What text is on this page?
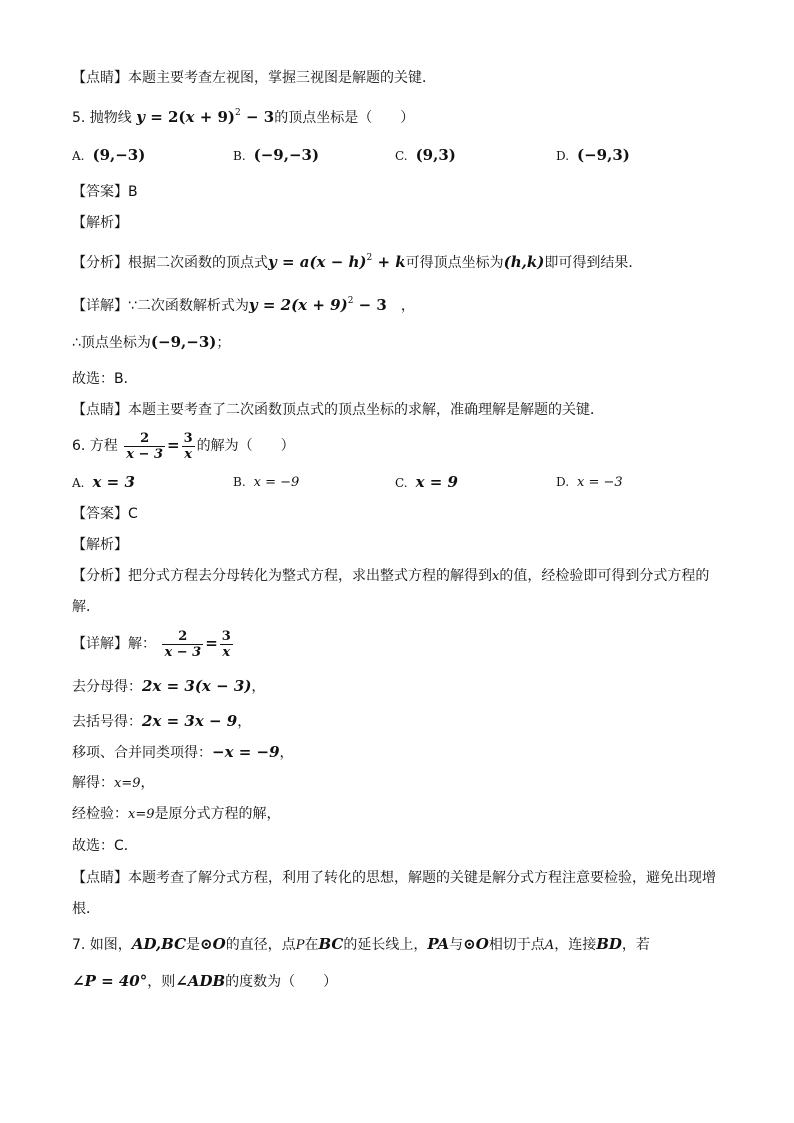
【点睛】本题主要考查左视图，掌握三视图是解题的关键．
5. 抛物线 $y = 2(x + 9)^2 - 3$的顶点坐标是（　　）
A. (9,−3)	B. (−9,−3)	C. (9,3)	D. (−9,3)
【答案】B
【解析】
【分析】根据二次函数的顶点式$y = a(x - h)^2 + k$可得顶点坐标为(h,k)即可得到结果．
【详解】∵二次函数解析式为$y = 2(x + 9)^2 - 3$　，
∴顶点坐标为(−9,−3)；
故选：B．
【点睛】本题主要考查了二次函数顶点式的顶点坐标的求解，准确理解是解题的关键．
6. 方程 $\frac{2}{x - 3} = \frac{3}{x}$ 的解为（　　）
A. x = 3	B. x = −9	C. x = 9	D. x = −3
【答案】C
【解析】
【分析】把分式方程去分母转化为整式方程，求出整式方程的解得到x的值，经检验即可得到分式方程的
解．
【详解】解： $\frac{2}{x - 3} = \frac{3}{x}$
去分母得：2x = 3(x − 3)，
去括号得：2x = 3x − 9，
移项、合并同类项得：−x = −9，
解得：x=9，
经检验：x=9是原分式方程的解，
故选：C．
【点睛】本题考查了解分式方程，利用了转化的思想，解题的关键是解分式方程注意要检验，避免出现增
根．
7. 如图，AD,BC是⊙O的直径，点P在BC的延长线上，PA与⊙O相切于点A，连接BD，若
∠P = 40°，则∠ADB的度数为（　　）
